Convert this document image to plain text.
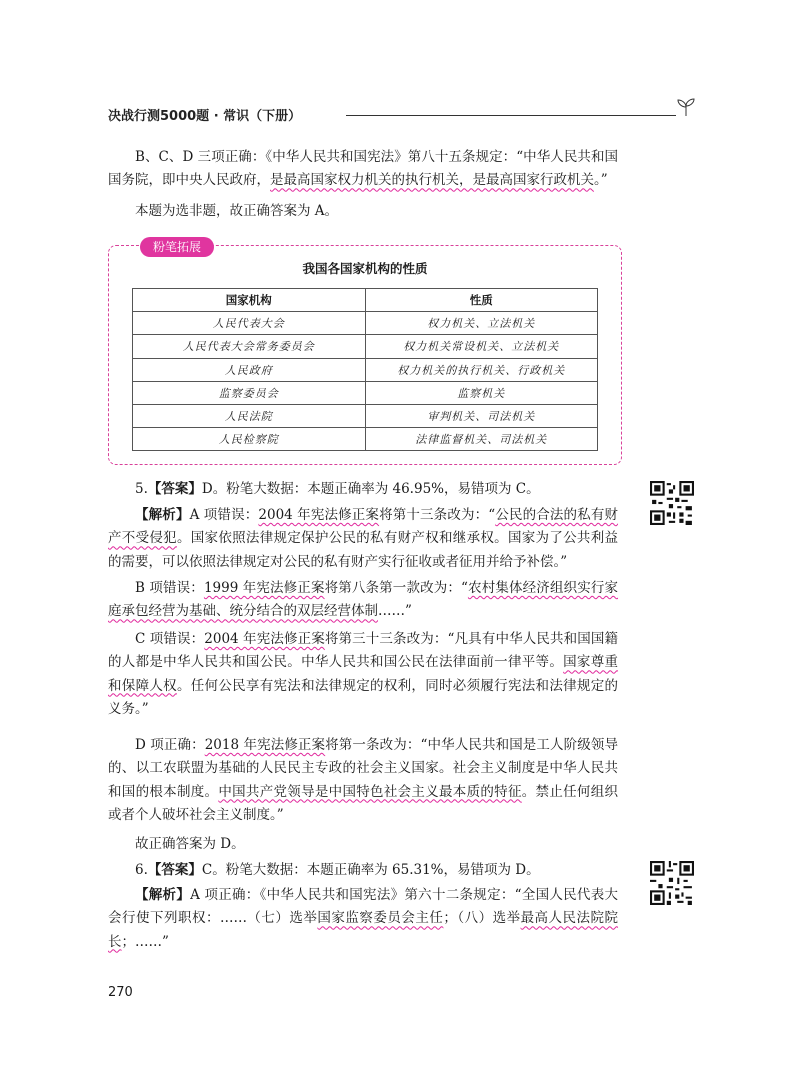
决战行测5000题 · 常识（下册）
B、C、D 三项正确：《中华人民共和国宪法》第八十五条规定：“中华人民共和国国务院，即中央人民政府，是最高国家权力机关的执行机关，是最高国家行政机关。”
本题为选非题，故正确答案为 A。
粉笔拓展
我国各国家机构的性质
国家机构	性质
人民代表大会	权力机关、立法机关
人民代表大会常务委员会	权力机关常设机关、立法机关
人民政府	权力机关的执行机关、行政机关
监察委员会	监察机关
人民法院	审判机关、司法机关
人民检察院	法律监督机关、司法机关
5.【答案】D。粉笔大数据：本题正确率为 46.95%，易错项为 C。
【解析】A 项错误：2004 年宪法修正案将第十三条改为：“公民的合法的私有财产不受侵犯。国家依照法律规定保护公民的私有财产权和继承权。国家为了公共利益的需要，可以依照法律规定对公民的私有财产实行征收或者征用并给予补偿。”
B 项错误：1999 年宪法修正案将第八条第一款改为：“农村集体经济组织实行家庭承包经营为基础、统分结合的双层经营体制……”
C 项错误：2004 年宪法修正案将第三十三条改为：“凡具有中华人民共和国国籍的人都是中华人民共和国公民。中华人民共和国公民在法律面前一律平等。国家尊重和保障人权。任何公民享有宪法和法律规定的权利，同时必须履行宪法和法律规定的义务。”
D 项正确：2018 年宪法修正案将第一条改为：“中华人民共和国是工人阶级领导的、以工农联盟为基础的人民民主专政的社会主义国家。社会主义制度是中华人民共和国的根本制度。中国共产党领导是中国特色社会主义最本质的特征。禁止任何组织或者个人破坏社会主义制度。”
故正确答案为 D。
6.【答案】C。粉笔大数据：本题正确率为 65.31%，易错项为 D。
【解析】A 项正确：《中华人民共和国宪法》第六十二条规定：“全国人民代表大会行使下列职权：……（七）选举国家监察委员会主任；（八）选举最高人民法院院长；……”
270
